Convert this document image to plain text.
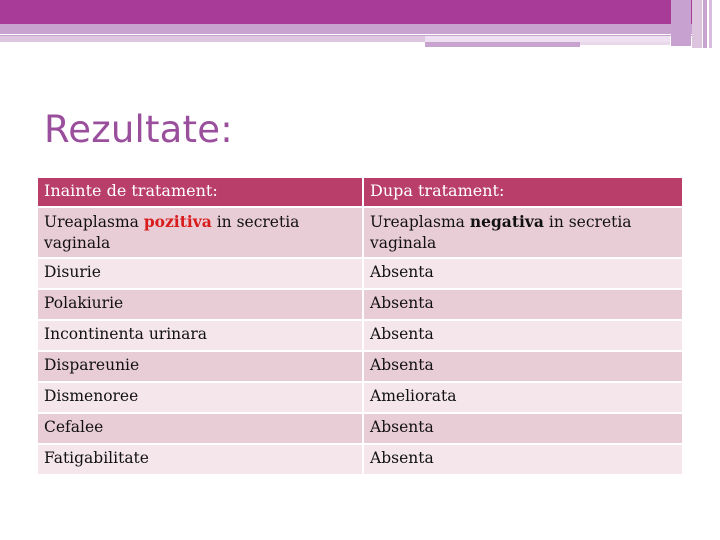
Rezultate:
Inainte de tratament:	Dupa tratament:
Ureaplasma pozitiva in secretia vaginala	Ureaplasma negativa in secretia vaginala
Disurie	Absenta
Polakiurie	Absenta
Incontinenta urinara	Absenta
Dispareunie	Absenta
Dismenoree	Ameliorata
Cefalee	Absenta
Fatigabilitate	Absenta
